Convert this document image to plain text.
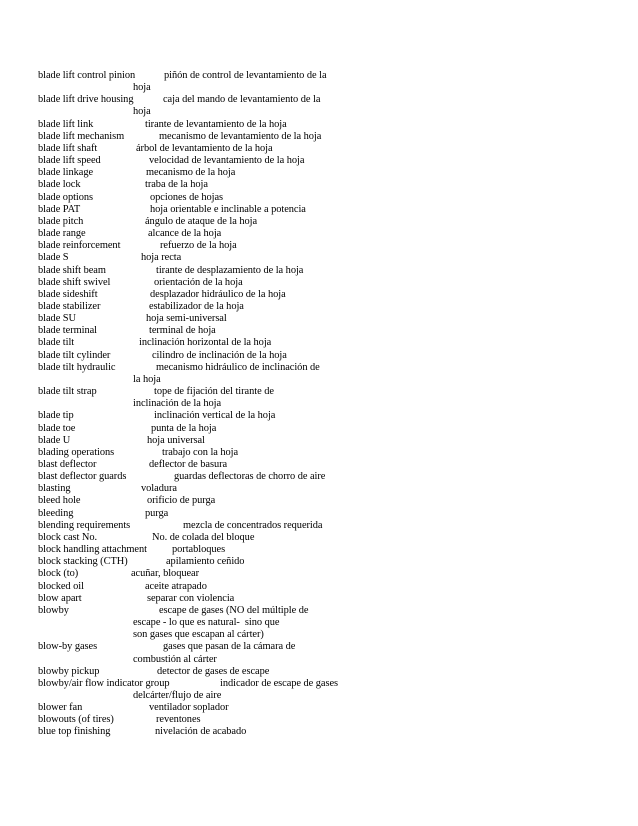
blade lift control pinion	piñón de control de levantamiento de la
hoja
blade lift drive housing	caja del mando de levantamiento de la
hoja
blade lift link	tirante de levantamiento de la hoja
blade lift mechanism	mecanismo de levantamiento de la hoja
blade lift shaft	árbol de levantamiento de la hoja
blade lift speed	velocidad de levantamiento de la hoja
blade linkage	mecanismo de la hoja
blade lock	traba de la hoja
blade options	opciones de hojas
blade PAT	hoja orientable e inclinable a potencia
blade pitch	ángulo de ataque de la hoja
blade range	alcance de la hoja
blade reinforcement	refuerzo de la hoja
blade S	hoja recta
blade shift beam	tirante de desplazamiento de la hoja
blade shift swivel	orientación de la hoja
blade sideshift	desplazador hidráulico de la hoja
blade stabilizer	estabilizador de la hoja
blade SU	hoja semi-universal
blade terminal	terminal de hoja
blade tilt	inclinación horizontal de la hoja
blade tilt cylinder	cilindro de inclinación de la hoja
blade tilt hydraulic	mecanismo hidráulico de inclinación de
la hoja
blade tilt strap	tope de fijación del tirante de
inclinación de la hoja
blade tip	inclinación vertical de la hoja
blade toe	punta de la hoja
blade U	hoja universal
blading operations	trabajo con la hoja
blast deflector	deflector de basura
blast deflector guards	guardas deflectoras de chorro de aire
blasting	voladura
bleed hole	orificio de purga
bleeding	purga
blending requirements	mezcla de concentrados requerida
block cast No.	No. de colada del bloque
block handling attachment	portabloques
block stacking (CTH)	apilamiento ceñido
block (to)	acuñar, bloquear
blocked oil	aceite atrapado
blow apart	separar con violencia
blowby	escape de gases (NO del múltiple de
escape - lo que es natural-  sino que
son gases que escapan al cárter)
blow-by gases	gases que pasan de la cámara de
combustión al cárter
blowby pickup	detector de gases de escape
blowby/air flow indicator group	indicador de escape de gases
delcárter/flujo de aire
blower fan	ventilador soplador
blowouts (of tires)	reventones
blue top finishing	nivelación de acabado
